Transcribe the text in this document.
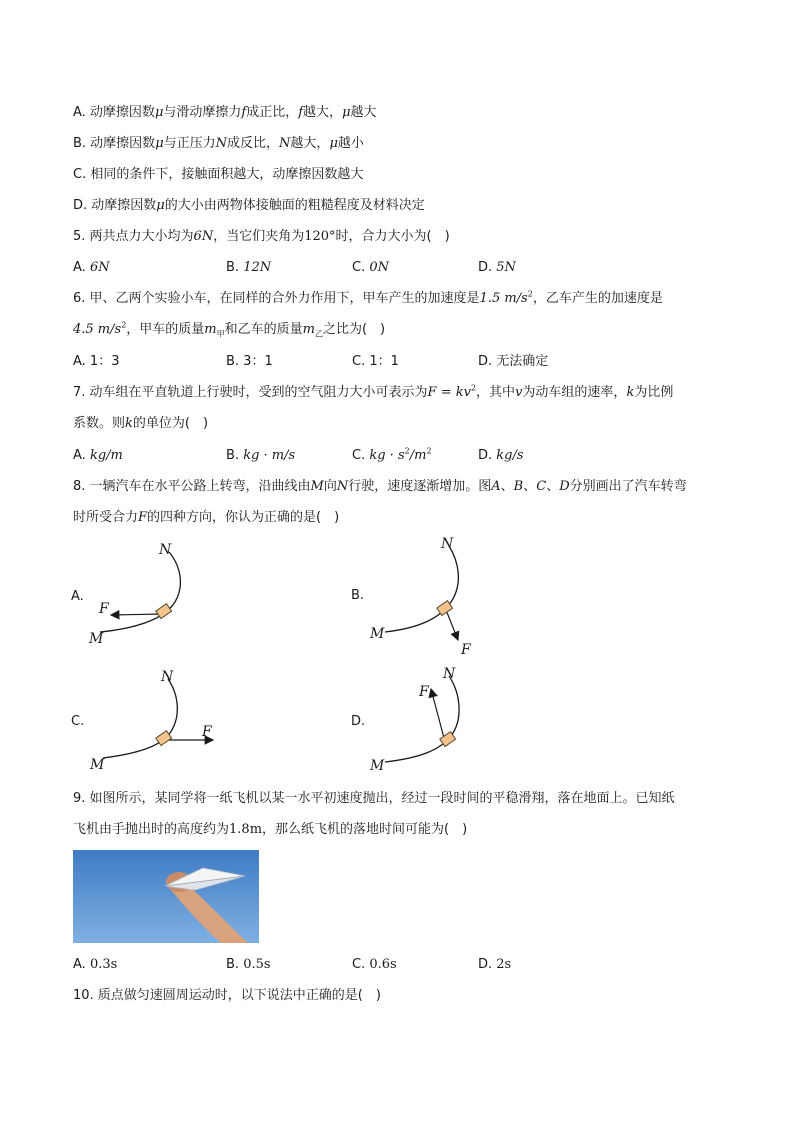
A. 动摩擦因数μ与滑动摩擦力f成正比，f越大，μ越大
B. 动摩擦因数μ与正压力N成反比，N越大，μ越小
C. 相同的条件下，接触面积越大，动摩擦因数越大
D. 动摩擦因数μ的大小由两物体接触面的粗糙程度及材料决定
5. 两共点力大小均为6N，当它们夹角为120°时，合力大小为(　)
A. 6N	B. 12N	C. 0N	D. 5N
6. 甲、乙两个实验小车，在同样的合外力作用下，甲车产生的加速度是1.5 $m/s^2$，乙车产生的加速度是
4.5 $m/s^2$，甲车的质量$m_甲$和乙车的质量$m_乙$之比为(　)
A. 1：3	B. 3：1	C. 1：1	D. 无法确定
7. 动车组在平直轨道上行驶时，受到的空气阻力大小可表示为$F = kv^2$，其中v为动车组的速率，k为比例
系数。则k的单位为(　)
A. kg/m	B. kg · m/s	C. kg · $s^2/m^2$	D. kg/s
8. 一辆汽车在水平公路上转弯，沿曲线由M向N行驶，速度逐渐增加。图A、B、C、D分别画出了汽车转弯
时所受合力F的四种方向，你认为正确的是(　)
A.
N
F
M
B.
N
F
M
C.
N
F
M
D.
N
F
M
9. 如图所示，某同学将一纸飞机以某一水平初速度抛出，经过一段时间的平稳滑翔，落在地面上。已知纸
飞机由手抛出时的高度约为1.8m，那么纸飞机的落地时间可能为(　)
A. 0.3s	B. 0.5s	C. 0.6s	D. 2s
10. 质点做匀速圆周运动时，以下说法中正确的是(　)
